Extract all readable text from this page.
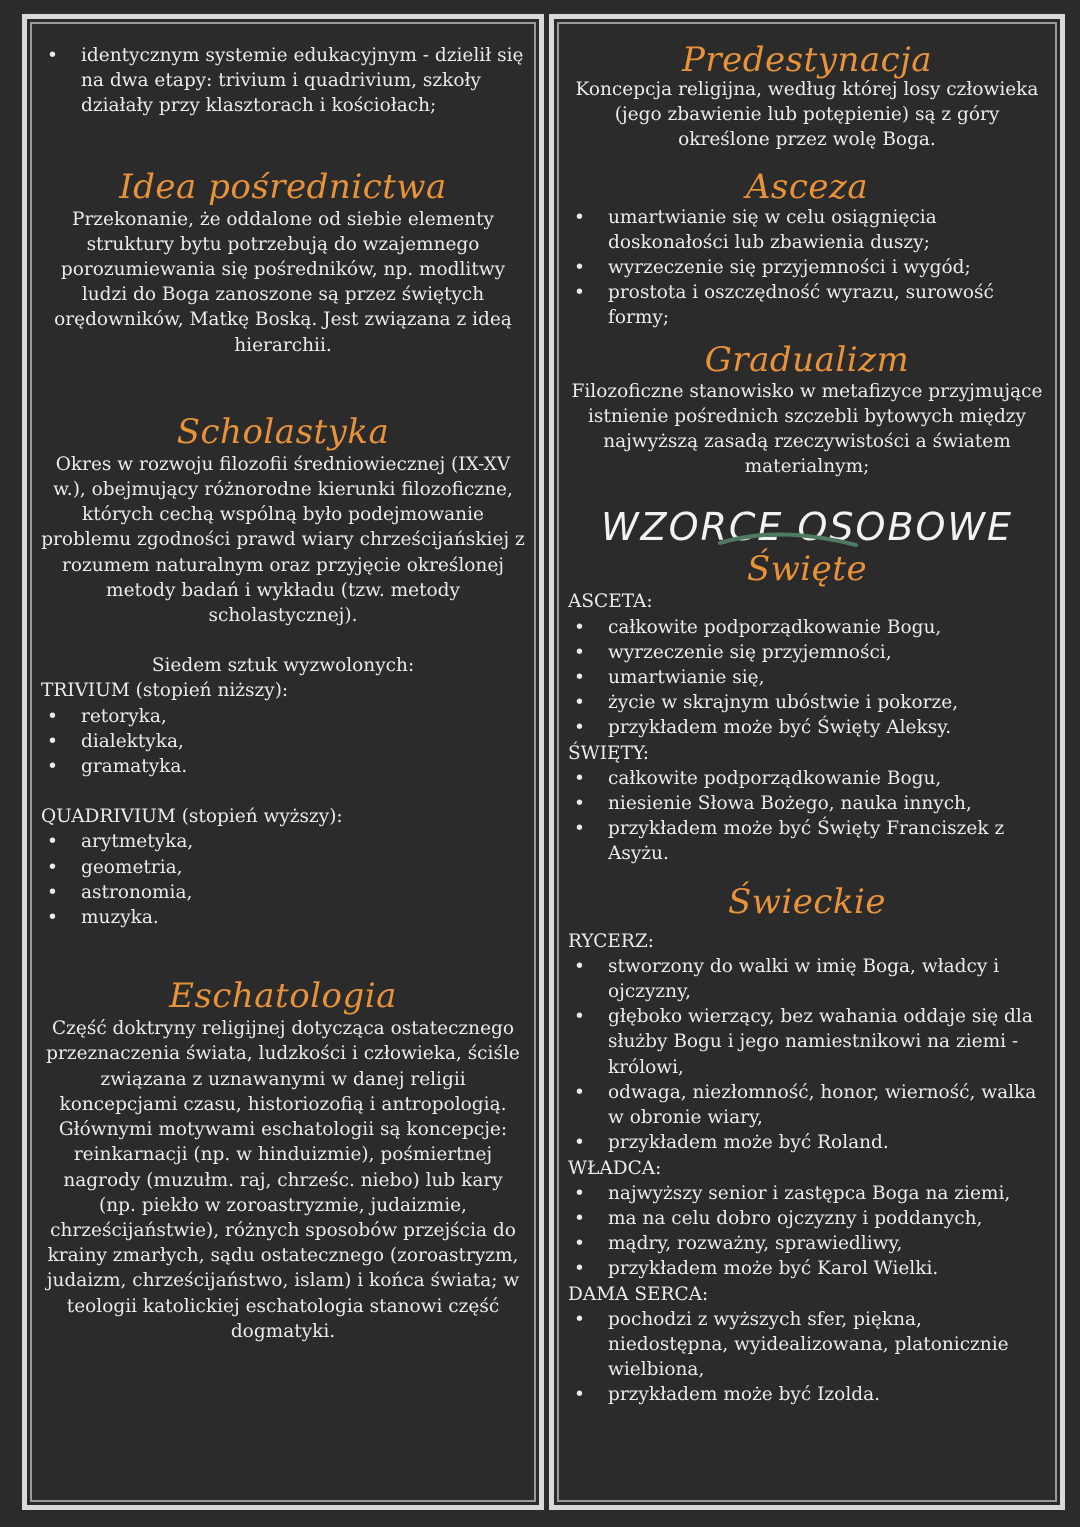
• identycznym systemie edukacyjnym - dzielił się na dwa etapy: trivium i quadrivium, szkoły działały przy klasztorach i kościołach;
Idea pośrednictwa
Przekonanie, że oddalone od siebie elementy struktury bytu potrzebują do wzajemnego porozumiewania się pośredników, np. modlitwy ludzi do Boga zanoszone są przez świętych orędowników, Matkę Boską. Jest związana z ideą hierarchii.
Scholastyka
Okres w rozwoju filozofii średniowiecznej (IX-XV w.), obejmujący różnorodne kierunki filozoficzne, których cechą wspólną było podejmowanie problemu zgodności prawd wiary chrześcijańskiej z rozumem naturalnym oraz przyjęcie określonej metody badań i wykładu (tzw. metody scholastycznej).
Siedem sztuk wyzwolonych:
TRIVIUM (stopień niższy):
• retoryka,
• dialektyka,
• gramatyka.
QUADRIVIUM (stopień wyższy):
• arytmetyka,
• geometria,
• astronomia,
• muzyka.
Eschatologia
Część doktryny religijnej dotycząca ostatecznego przeznaczenia świata, ludzkości i człowieka, ściśle związana z uznawanymi w danej religii koncepcjami czasu, historiozofią i antropologią. Głównymi motywami eschatologii są koncepcje: reinkarnacji (np. w hinduizmie), pośmiertnej nagrody (muzułm. raj, chrześc. niebo) lub kary (np. piekło w zoroastryzmie, judaizmie, chrześcijaństwie), różnych sposobów przejścia do krainy zmarłych, sądu ostatecznego (zoroastryzm, judaizm, chrześcijaństwo, islam) i końca świata; w teologii katolickiej eschatologia stanowi część dogmatyki.
Predestynacja
Koncepcja religijna, według której losy człowieka (jego zbawienie lub potępienie) są z góry określone przez wolę Boga.
Asceza
• umartwianie się w celu osiągnięcia doskonałości lub zbawienia duszy;
• wyrzeczenie się przyjemności i wygód;
• prostota i oszczędność wyrazu, surowość formy;
Gradualizm
Filozoficzne stanowisko w metafizyce przyjmujące istnienie pośrednich szczebli bytowych między najwyższą zasadą rzeczywistości a światem materialnym;
WZORCE OSOBOWE
Święte
ASCETA:
• całkowite podporządkowanie Bogu,
• wyrzeczenie się przyjemności,
• umartwianie się,
• życie w skrajnym ubóstwie i pokorze,
• przykładem może być Święty Aleksy.
ŚWIĘTY:
• całkowite podporządkowanie Bogu,
• niesienie Słowa Bożego, nauka innych,
• przykładem może być Święty Franciszek z Asyżu.
Świeckie
RYCERZ:
• stworzony do walki w imię Boga, władcy i ojczyzny,
• głęboko wierzący, bez wahania oddaje się dla służby Bogu i jego namiestnikowi na ziemi - królowi,
• odwaga, niezłomność, honor, wierność, walka w obronie wiary,
• przykładem może być Roland.
WŁADCA:
• najwyższy senior i zastępca Boga na ziemi,
• ma na celu dobro ojczyzny i poddanych,
• mądry, rozważny, sprawiedliwy,
• przykładem może być Karol Wielki.
DAMA SERCA:
• pochodzi z wyższych sfer, piękna, niedostępna, wyidealizowana, platonicznie wielbiona,
• przykładem może być Izolda.
